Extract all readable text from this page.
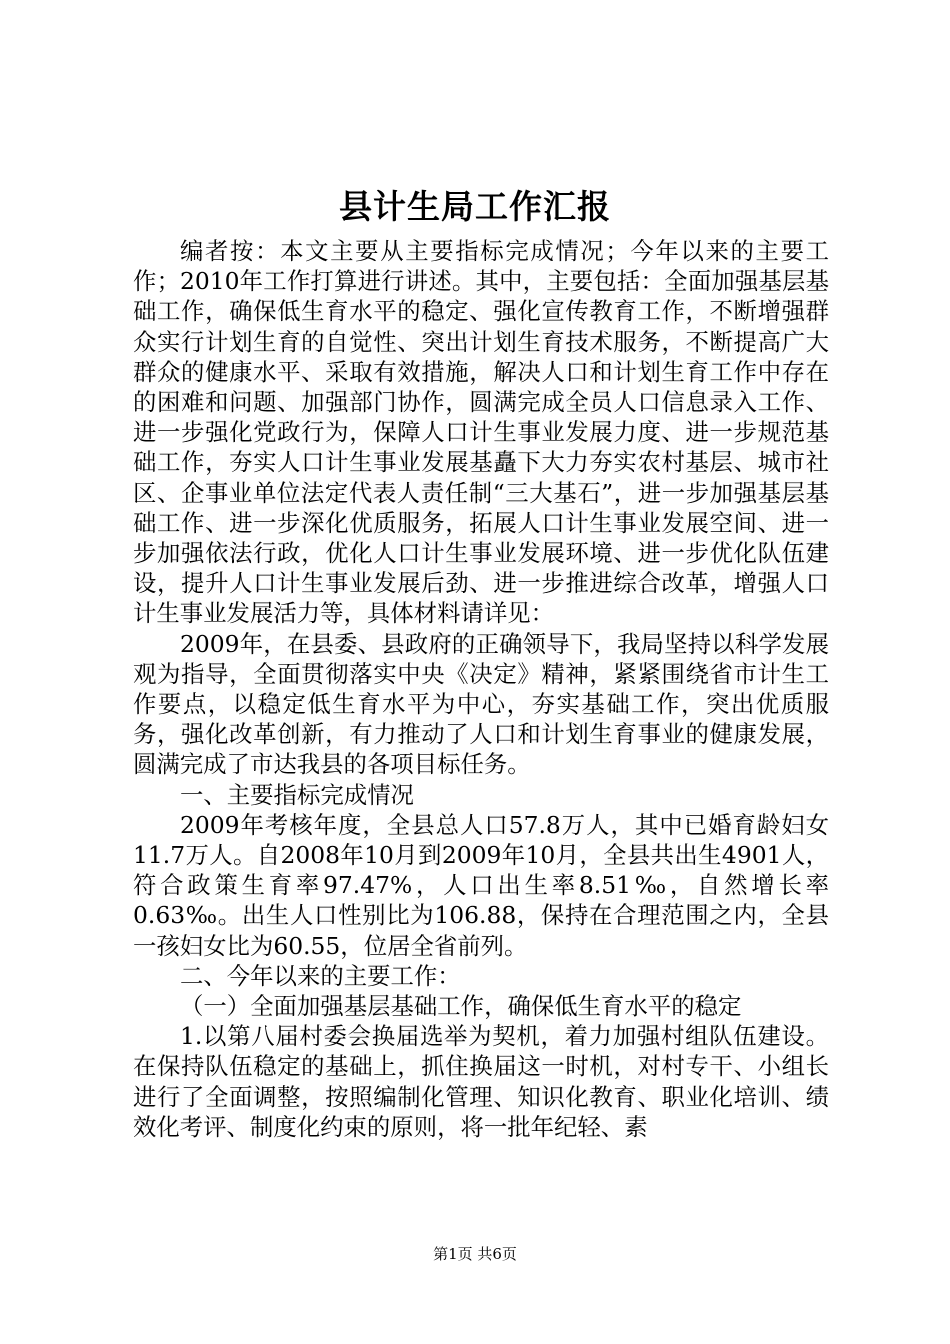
县计生局工作汇报

编者按：本文主要从主要指标完成情况；今年以来的主要工作；2010年工作打算进行讲述。其中，主要包括：全面加强基层基础工作，确保低生育水平的稳定、强化宣传教育工作，不断增强群众实行计划生育的自觉性、突出计划生育技术服务，不断提高广大群众的健康水平、采取有效措施，解决人口和计划生育工作中存在的困难和问题、加强部门协作，圆满完成全员人口信息录入工作、进一步强化党政行为，保障人口计生事业发展力度、进一步规范基础工作，夯实人口计生事业发展基矗下大力夯实农村基层、城市社区、企事业单位法定代表人责任制“三大基石”，进一步加强基层基础工作、进一步深化优质服务，拓展人口计生事业发展空间、进一步加强依法行政，优化人口计生事业发展环境、进一步优化队伍建设，提升人口计生事业发展后劲、进一步推进综合改革，增强人口计生事业发展活力等，具体材料请详见：

2009年，在县委、县政府的正确领导下，我局坚持以科学发展观为指导，全面贯彻落实中央《决定》精神，紧紧围绕省市计生工作要点，以稳定低生育水平为中心，夯实基础工作，突出优质服务，强化改革创新，有力推动了人口和计划生育事业的健康发展，圆满完成了市达我县的各项目标任务。

一、主要指标完成情况

2009年考核年度，全县总人口57.8万人，其中已婚育龄妇女11.7万人。自2008年10月到2009年10月，全县共出生4901人，符合政策生育率97.47%，人口出生率8.51‰，自然增长率0.63‰。出生人口性别比为106.88，保持在合理范围之内，全县一孩妇女比为60.55，位居全省前列。

二、今年以来的主要工作：

（一）全面加强基层基础工作，确保低生育水平的稳定

1.以第八届村委会换届选举为契机，着力加强村组队伍建设。在保持队伍稳定的基础上，抓住换届这一时机，对村专干、小组长进行了全面调整，按照编制化管理、知识化教育、职业化培训、绩效化考评、制度化约束的原则，将一批年纪轻、素

第1页 共6页
